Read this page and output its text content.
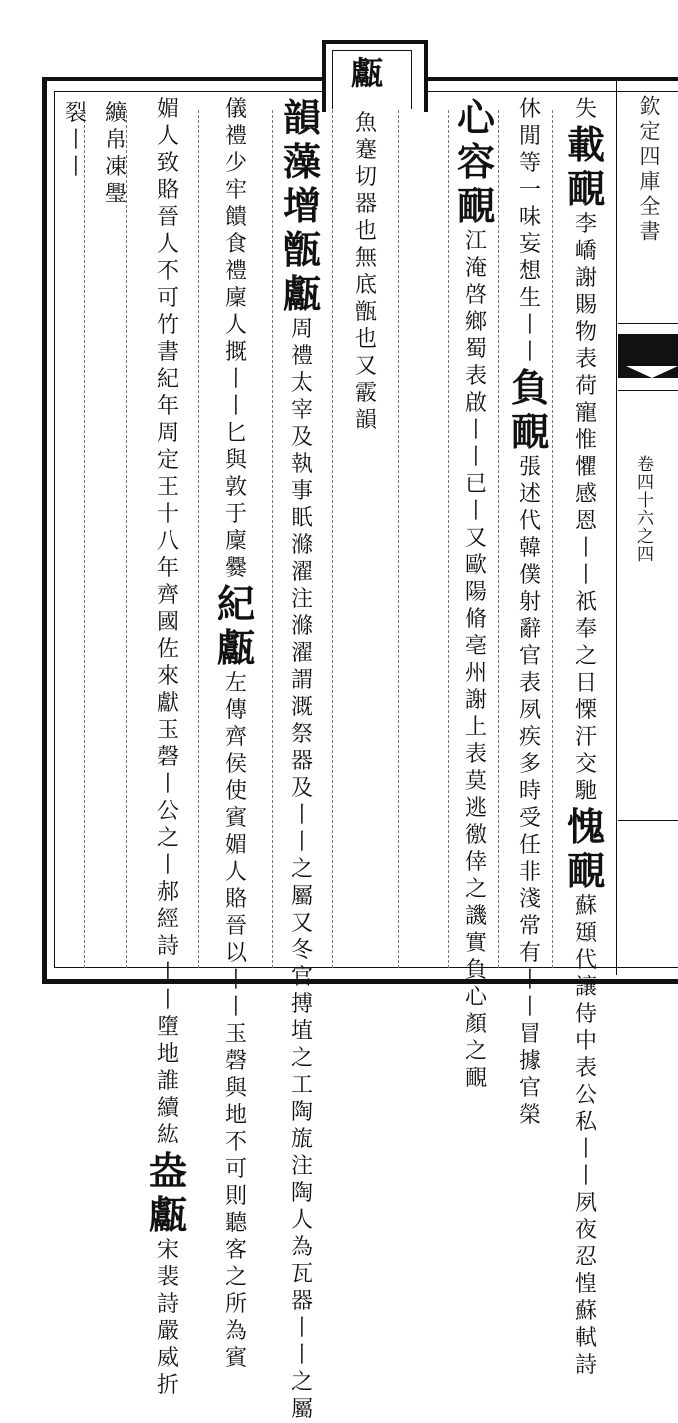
欽定四庫全書
卷四十六之四
甗
失
載
靦
李
嶠
謝
賜
物
表
荷
寵
惟
懼
感
恩
丨
丨
祇
奉
之
日
慄
汗
交
馳
愧
靦
蘇
頲
代
讓
侍
中
表
公
私
丨
丨
夙
夜
忍
惶
蘇
軾
詩
休
閒
等
一
味
妄
想
生
丨
丨
負
靦
張
述
代
韓
僕
射
辭
官
表
夙
疾
多
時
受
任
非
淺
常
有
丨
丨
冒
據
官
榮
心
容
靦
江
淹
啓
鄉
蜀
表
啟
丨
丨
已
丨
又
歐
陽
脩
亳
州
謝
上
表
莫
逃
徼
倖
之
譏
實
負
心
顏
之
靦
魚
蹇
切
器
也
無
底
甑
也
又
霰
韻
韻
藻
增
甑
甗
周
禮
太
宰
及
執
事
眂
滌
濯
注
滌
濯
謂
溉
祭
器
及
丨
丨
之
屬
又
冬
官
搏
埴
之
工
陶
旊
注
陶
人
為
瓦
器
丨
丨
之
屬
儀
禮
少
牢
饋
食
禮
廩
人
摡
丨
丨
匕
與
敦
于
廩
爨
紀
甗
左
傳
齊
侯
使
賓
媚
人
賂
晉
以
丨
丨
玉
磬
與
地
不
可
則
聽
客
之
所
為
賓
媚
人
致
賂
晉
人
不
可
竹
書
紀
年
周
定
王
十
八
年
齊
國
佐
來
獻
玉
磬
丨
公
之
丨
郝
經
詩
丨
丨
墮
地
誰
續
紘
盎
甗
宋
裴
詩
嚴
威
折
纊
帛
凍
璺
裂
丨
丨
